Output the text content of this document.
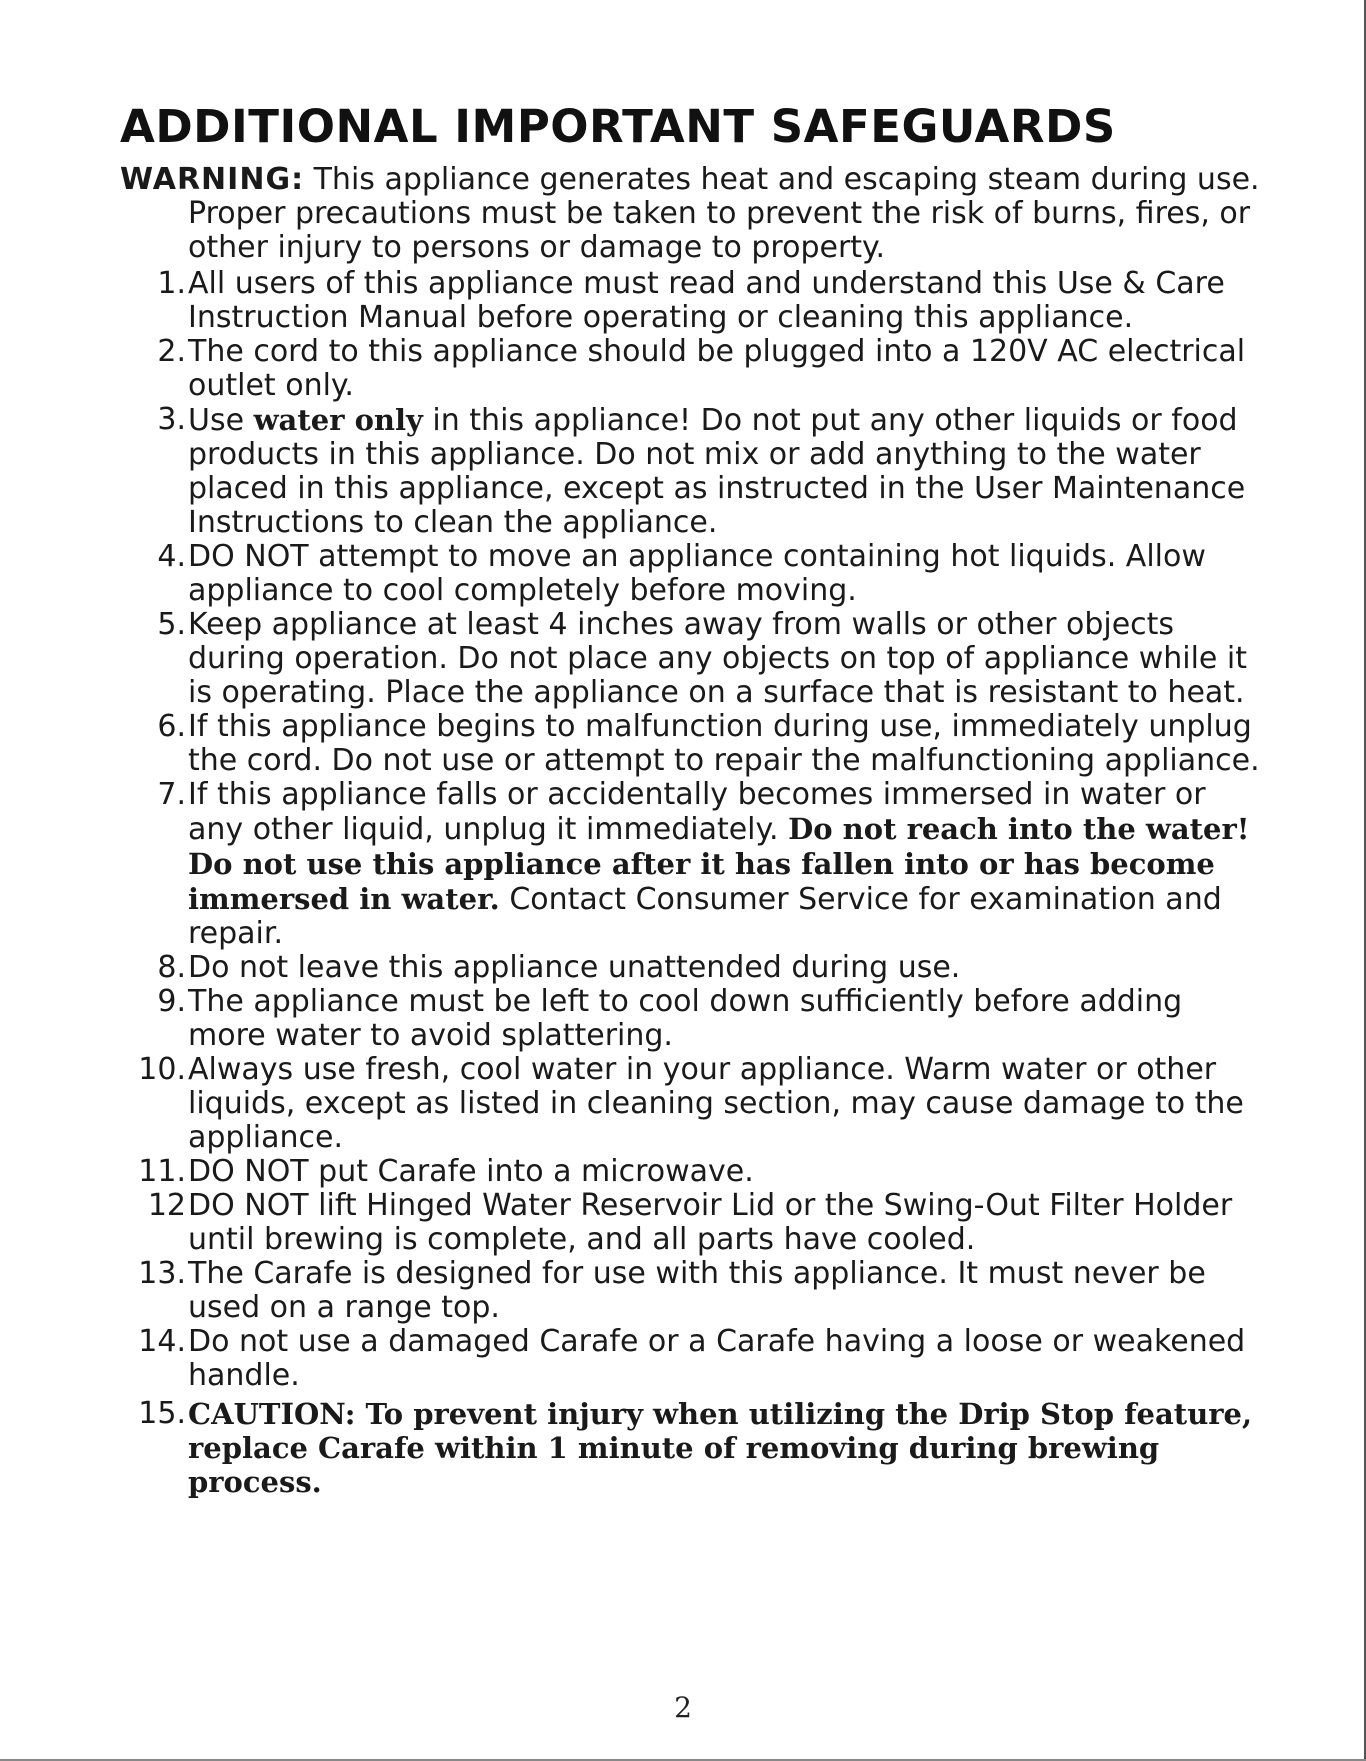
ADDITIONAL IMPORTANT SAFEGUARDS

WARNING: This appliance generates heat and escaping steam during use. Proper precautions must be taken to prevent the risk of burns, fires, or other injury to persons or damage to property.

1. All users of this appliance must read and understand this Use & Care Instruction Manual before operating or cleaning this appliance.
2. The cord to this appliance should be plugged into a 120V AC electrical outlet only.
3. Use water only in this appliance! Do not put any other liquids or food products in this appliance. Do not mix or add anything to the water placed in this appliance, except as instructed in the User Maintenance Instructions to clean the appliance.
4. DO NOT attempt to move an appliance containing hot liquids. Allow appliance to cool completely before moving.
5. Keep appliance at least 4 inches away from walls or other objects during operation. Do not place any objects on top of appliance while it is operating. Place the appliance on a surface that is resistant to heat.
6. If this appliance begins to malfunction during use, immediately unplug the cord. Do not use or attempt to repair the malfunctioning appliance.
7. If this appliance falls or accidentally becomes immersed in water or any other liquid, unplug it immediately. Do not reach into the water! Do not use this appliance after it has fallen into or has become immersed in water. Contact Consumer Service for examination and repair.
8. Do not leave this appliance unattended during use.
9. The appliance must be left to cool down sufficiently before adding more water to avoid splattering.
10. Always use fresh, cool water in your appliance. Warm water or other liquids, except as listed in cleaning section, may cause damage to the appliance.
11. DO NOT put Carafe into a microwave.
12 DO NOT lift Hinged Water Reservoir Lid or the Swing-Out Filter Holder until brewing is complete, and all parts have cooled.
13. The Carafe is designed for use with this appliance. It must never be used on a range top.
14. Do not use a damaged Carafe or a Carafe having a loose or weakened handle.
15. CAUTION: To prevent injury when utilizing the Drip Stop feature, replace Carafe within 1 minute of removing during brewing process.
2
